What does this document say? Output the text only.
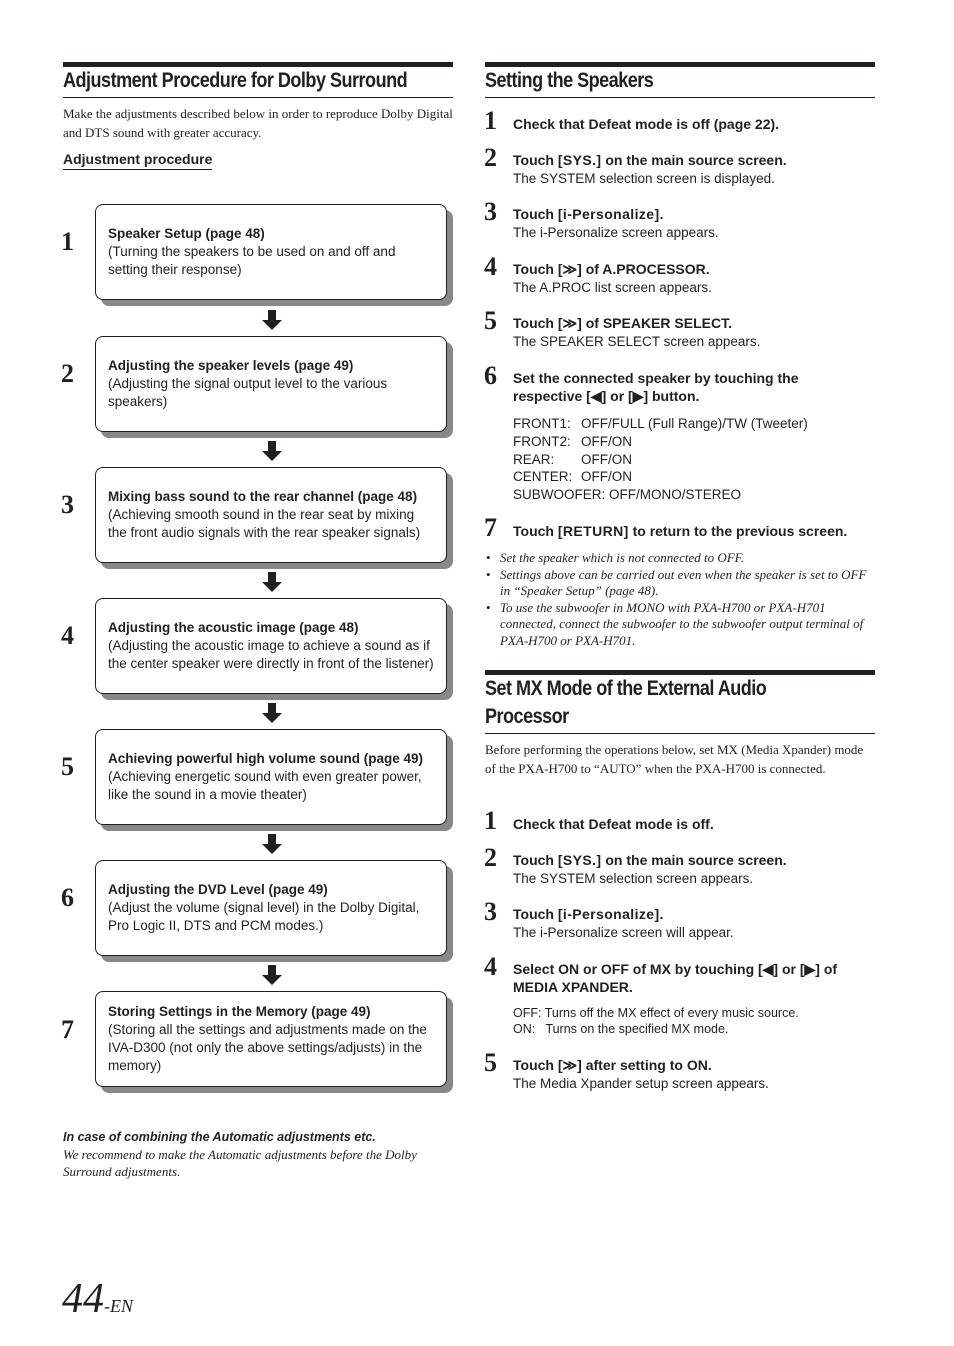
Adjustment Procedure for Dolby Surround
Make the adjustments described below in order to reproduce Dolby Digital and DTS sound with greater accuracy.
Adjustment procedure
1	Speaker Setup (page 48)
(Turning the speakers to be used on and off and setting their response)
2	Adjusting the speaker levels (page 49)
(Adjusting the signal output level to the various speakers)
3	Mixing bass sound to the rear channel (page 48)
(Achieving smooth sound in the rear seat by mixing the front audio signals with the rear speaker signals)
4	Adjusting the acoustic image (page 48)
(Adjusting the acoustic image to achieve a sound as if the center speaker were directly in front of the listener)
5	Achieving powerful high volume sound (page 49)
(Achieving energetic sound with even greater power, like the sound in a movie theater)
6	Adjusting the DVD Level (page 49)
(Adjust the volume (signal level) in the Dolby Digital, Pro Logic II, DTS and PCM modes.)
7
Storing Settings in the Memory (page 49)
(Storing all the settings and adjustments made on the IVA-D300 (not only the above settings/adjusts) in the memory)
In case of combining the Automatic adjustments etc.
We recommend to make the Automatic adjustments before the Dolby Surround adjustments.
44-EN
Setting the Speakers
1 Check that Defeat mode is off (page 22).
2 Touch [SYS.] on the main source screen.
The SYSTEM selection screen is displayed.
3 Touch [i-Personalize].
The i-Personalize screen appears.
4 Touch [≫] of A.PROCESSOR.
The A.PROC list screen appears.
5 Touch [≫] of SPEAKER SELECT.
The SPEAKER SELECT screen appears.
6 Set the connected speaker by touching the respective [◀] or [▶] button.
FRONT1: OFF/FULL (Full Range)/TW (Tweeter)
FRONT2: OFF/ON
REAR: OFF/ON
CENTER: OFF/ON
SUBWOOFER: OFF/MONO/STEREO
7 Touch [RETURN] to return to the previous screen.
• Set the speaker which is not connected to OFF.
• Settings above can be carried out even when the speaker is set to OFF in “Speaker Setup” (page 48).
• To use the subwoofer in MONO with PXA-H700 or PXA-H701 connected, connect the subwoofer to the subwoofer output terminal of PXA-H700 or PXA-H701.
Set MX Mode of the External Audio
Processor
Before performing the operations below, set MX (Media Xpander) mode of the PXA-H700 to “AUTO” when the PXA-H700 is connected.
1 Check that Defeat mode is off.
2 Touch [SYS.] on the main source screen.
The SYSTEM selection screen appears.
3 Touch [i-Personalize].
The i-Personalize screen will appear.
4 Select ON or OFF of MX by touching [◀] or [▶] of MEDIA XPANDER.
OFF: Turns off the MX effect of every music source.
ON: Turns on the specified MX mode.
5 Touch [≫] after setting to ON.
The Media Xpander setup screen appears.
